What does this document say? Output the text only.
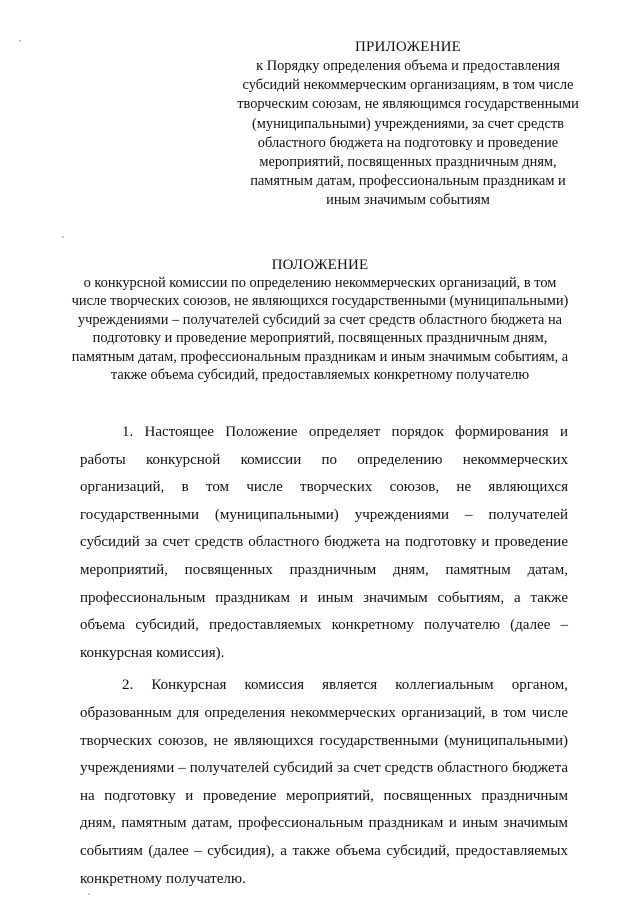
ПРИЛОЖЕНИЕ
к Порядку определения объема и предоставления субсидий некоммерческим организациям, в том числе творческим союзам, не являющимся государственными (муниципальными) учреждениями, за счет средств областного бюджета на подготовку и проведение мероприятий, посвященных праздничным дням, памятным датам, профессиональным праздникам и иным значимым событиям
ПОЛОЖЕНИЕ
о конкурсной комиссии по определению некоммерческих организаций, в том числе творческих союзов, не являющихся государственными (муниципальными) учреждениями – получателей субсидий за счет средств областного бюджета на подготовку и проведение мероприятий, посвященных праздничным дням, памятным датам, профессиональным праздникам и иным значимым событиям, а также объема субсидий, предоставляемых конкретному получателю

1. Настоящее Положение определяет порядок формирования и работы конкурсной комиссии по определению некоммерческих организаций, в том числе творческих союзов, не являющихся государственными (муниципальными) учреждениями – получателей субсидий за счет средств областного бюджета на подготовку и проведение мероприятий, посвященных праздничным дням, памятным датам, профессиональным праздникам и иным значимым событиям, а также объема субсидий, предоставляемых конкретному получателю (далее – конкурсная комиссия).

2. Конкурсная комиссия является коллегиальным органом, образованным для определения некоммерческих организаций, в том числе творческих союзов, не являющихся государственными (муниципальными) учреждениями – получателей субсидий за счет средств областного бюджета на подготовку и проведение мероприятий, посвященных праздничным дням, памятным датам, профессиональным праздникам и иным значимым событиям (далее – субсидия), а также объема субсидий, предоставляемых конкретному получателю.
